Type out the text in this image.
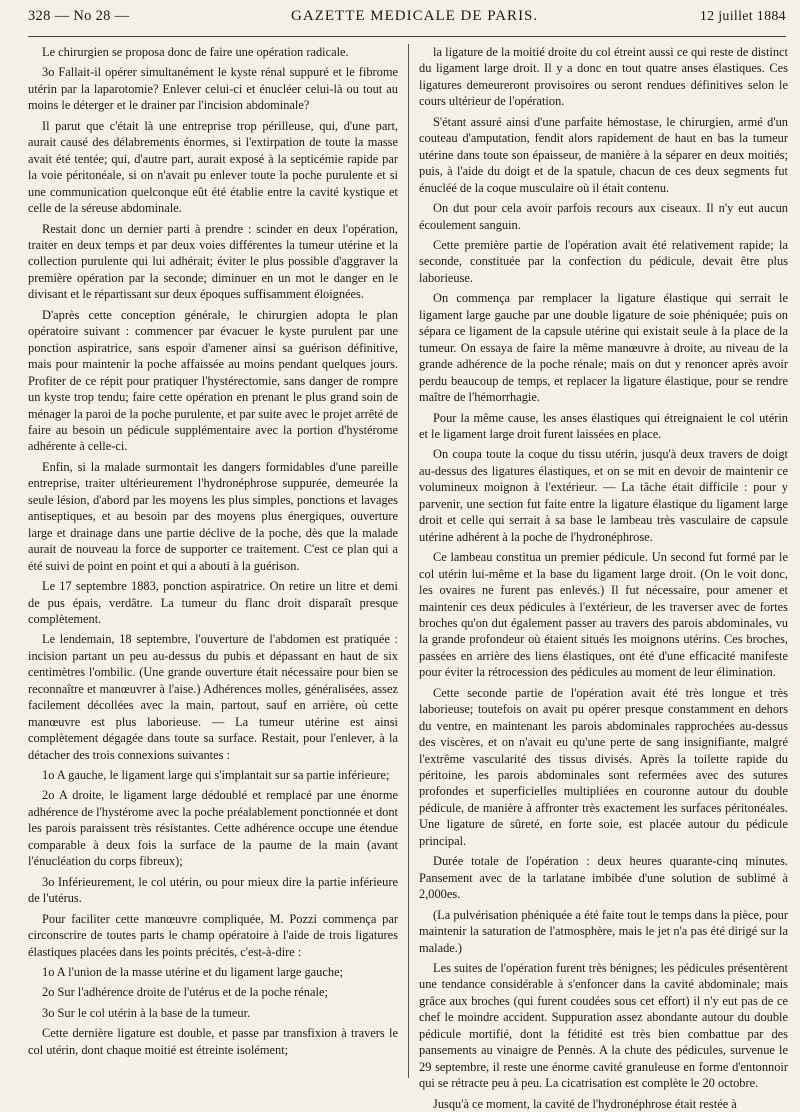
328 — No 28 —	GAZETTE MEDICALE DE PARIS.	12 juillet 1884

Le chirurgien se proposa donc de faire une opération radicale.

3o Fallait-il opérer simultanément le kyste rénal suppuré et le fibrome utérin par la laparotomie? Enlever celui-ci et énucléer celui-là ou tout au moins le déterger et le drainer par l'incision abdominale?

Il parut que c'était là une entreprise trop périlleuse, qui, d'une part, aurait causé des délabrements énormes, si l'extirpation de toute la masse avait été tentée; qui, d'autre part, aurait exposé à la septicémie rapide par la voie péritonéale, si on n'avait pu enlever toute la poche purulente et si une communication quelconque eût été établie entre la cavité kystique et celle de la séreuse abdominale.

Restait donc un dernier parti à prendre : scinder en deux l'opération, traiter en deux temps et par deux voies différentes la tumeur utérine et la collection purulente qui lui adhérait; éviter le plus possible d'aggraver la première opération par la seconde; diminuer en un mot le danger en le divisant et le répartissant sur deux époques suffisamment éloignées.

D'après cette conception générale, le chirurgien adopta le plan opératoire suivant : commencer par évacuer le kyste purulent par une ponction aspiratrice, sans espoir d'amener ainsi sa guérison définitive, mais pour maintenir la poche affaissée au moins pendant quelques jours. Profiter de ce répit pour pratiquer l'hystérectomie, sans danger de rompre un kyste trop tendu; faire cette opération en prenant le plus grand soin de ménager la paroi de la poche purulente, et par suite avec le projet arrêté de faire au besoin un pédicule supplémentaire avec la portion d'hystérome adhérente à celle-ci.

Enfin, si la malade surmontait les dangers formidables d'une pareille entreprise, traiter ultérieurement l'hydronéphrose suppurée, demeurée la seule lésion, d'abord par les moyens les plus simples, ponctions et lavages antiseptiques, et au besoin par des moyens plus énergiques, ouverture large et drainage dans une partie déclive de la poche, dès que la malade aurait de nouveau la force de supporter ce traitement. C'est ce plan qui a été suivi de point en point et qui a abouti à la guérison.

Le 17 septembre 1883, ponction aspiratrice. On retire un litre et demi de pus épais, verdâtre. La tumeur du flanc droit disparaît presque complètement.

Le lendemain, 18 septembre, l'ouverture de l'abdomen est pratiquée : incision partant un peu au-dessus du pubis et dépassant en haut de six centimètres l'ombilic. (Une grande ouverture était nécessaire pour bien se reconnaître et manœuvrer à l'aise.) Adhérences molles, généralisées, assez facilement décollées avec la main, partout, sauf en arrière, où cette manœuvre est plus laborieuse. — La tumeur utérine est ainsi complètement dégagée dans toute sa surface. Restait, pour l'enlever, à la détacher des trois connexions suivantes :

1o A gauche, le ligament large qui s'implantait sur sa partie inférieure;

2o A droite, le ligament large dédoublé et remplacé par une énorme adhérence de l'hystérome avec la poche préalablement ponctionnée et dont les parois paraissent très résistantes. Cette adhérence occupe une étendue comparable à deux fois la surface de la paume de la main (avant l'énucléation du corps fibreux);

3o Inférieurement, le col utérin, ou pour mieux dire la partie inférieure de l'utérus.

Pour faciliter cette manœuvre compliquée, M. Pozzi commença par circonscrire de toutes parts le champ opératoire à l'aide de trois ligatures élastiques placées dans les points précités, c'est-à-dire :

1o A l'union de la masse utérine et du ligament large gauche;

2o Sur l'adhérence droite de l'utérus et de la poche rénale;

3o Sur le col utérin à la base de la tumeur.

Cette dernière ligature est double, et passe par transfixion à travers le col utérin, dont chaque moitié est étreinte isolément;

la ligature de la moitié droite du col étreint aussi ce qui reste de distinct du ligament large droit. Il y a donc en tout quatre anses élastiques. Ces ligatures demeureront provisoires ou seront rendues définitives selon le cours ultérieur de l'opération.

S'étant assuré ainsi d'une parfaite hémostase, le chirurgien, armé d'un couteau d'amputation, fendit alors rapidement de haut en bas la tumeur utérine dans toute son épaisseur, de manière à la séparer en deux moitiés; puis, à l'aide du doigt et de la spatule, chacun de ces deux segments fut énucléé de la coque musculaire où il était contenu.

On dut pour cela avoir parfois recours aux ciseaux. Il n'y eut aucun écoulement sanguin.

Cette première partie de l'opération avait été relativement rapide; la seconde, constituée par la confection du pédicule, devait être plus laborieuse.

On commença par remplacer la ligature élastique qui serrait le ligament large gauche par une double ligature de soie phéniquée; puis on sépara ce ligament de la capsule utérine qui existait seule à la place de la tumeur. On essaya de faire la même manœuvre à droite, au niveau de la grande adhérence de la poche rénale; mais on dut y renoncer après avoir perdu beaucoup de temps, et replacer la ligature élastique, pour se rendre maître de l'hémorrhagie.

Pour la même cause, les anses élastiques qui étreignaient le col utérin et le ligament large droit furent laissées en place.

On coupa toute la coque du tissu utérin, jusqu'à deux travers de doigt au-dessus des ligatures élastiques, et on se mit en devoir de maintenir ce volumineux moignon à l'extérieur. — La tâche était difficile : pour y parvenir, une section fut faite entre la ligature élastique du ligament large droit et celle qui serrait à sa base le lambeau très vasculaire de capsule utérine adhérent à la poche de l'hydronéphrose.

Ce lambeau constitua un premier pédicule. Un second fut formé par le col utérin lui-même et la base du ligament large droit. (On le voit donc, les ovaires ne furent pas enlevés.) Il fut nécessaire, pour amener et maintenir ces deux pédicules à l'extérieur, de les traverser avec de fortes broches qu'on dut également passer au travers des parois abdominales, vu la grande profondeur où étaient situés les moignons utérins. Ces broches, passées en arrière des liens élastiques, ont été d'une efficacité manifeste pour éviter la rétrocession des pédicules au moment de leur élimination.

Cette seconde partie de l'opération avait été très longue et très laborieuse; toutefois on avait pu opérer presque constamment en dehors du ventre, en maintenant les parois abdominales rapprochées au-dessus des viscères, et on n'avait eu qu'une perte de sang insignifiante, malgré l'extrême vascularité des tissus divisés. Après la toilette rapide du péritoine, les parois abdominales sont refermées avec des sutures profondes et superficielles multipliées en couronne autour du double pédicule, de manière à affronter très exactement les surfaces péritonéales. Une ligature de sûreté, en forte soie, est placée autour du pédicule principal.

Durée totale de l'opération : deux heures quarante-cinq minutes. Pansement avec de la tarlatane imbibée d'une solution de sublimé à 2,000es.

(La pulvérisation phéniquée a été faite tout le temps dans la pièce, pour maintenir la saturation de l'atmosphère, mais le jet n'a pas été dirigé sur la malade.)

Les suites de l'opération furent très bénignes; les pédicules présentèrent une tendance considérable à s'enfoncer dans la cavité abdominale; mais grâce aux broches (qui furent coudées sous cet effort) il n'y eut pas de ce chef le moindre accident. Suppuration assez abondante autour du double pédicule mortifié, dont la fétidité est très bien combattue par des pansements au vinaigre de Pennès. A la chute des pédicules, survenue le 29 septembre, il reste une énorme cavité granuleuse en forme d'entonnoir qui se rétracte peu à peu. La cicatrisation est complète le 20 octobre.

Jusqu'à ce moment, la cavité de l'hydronéphrose était restée à
